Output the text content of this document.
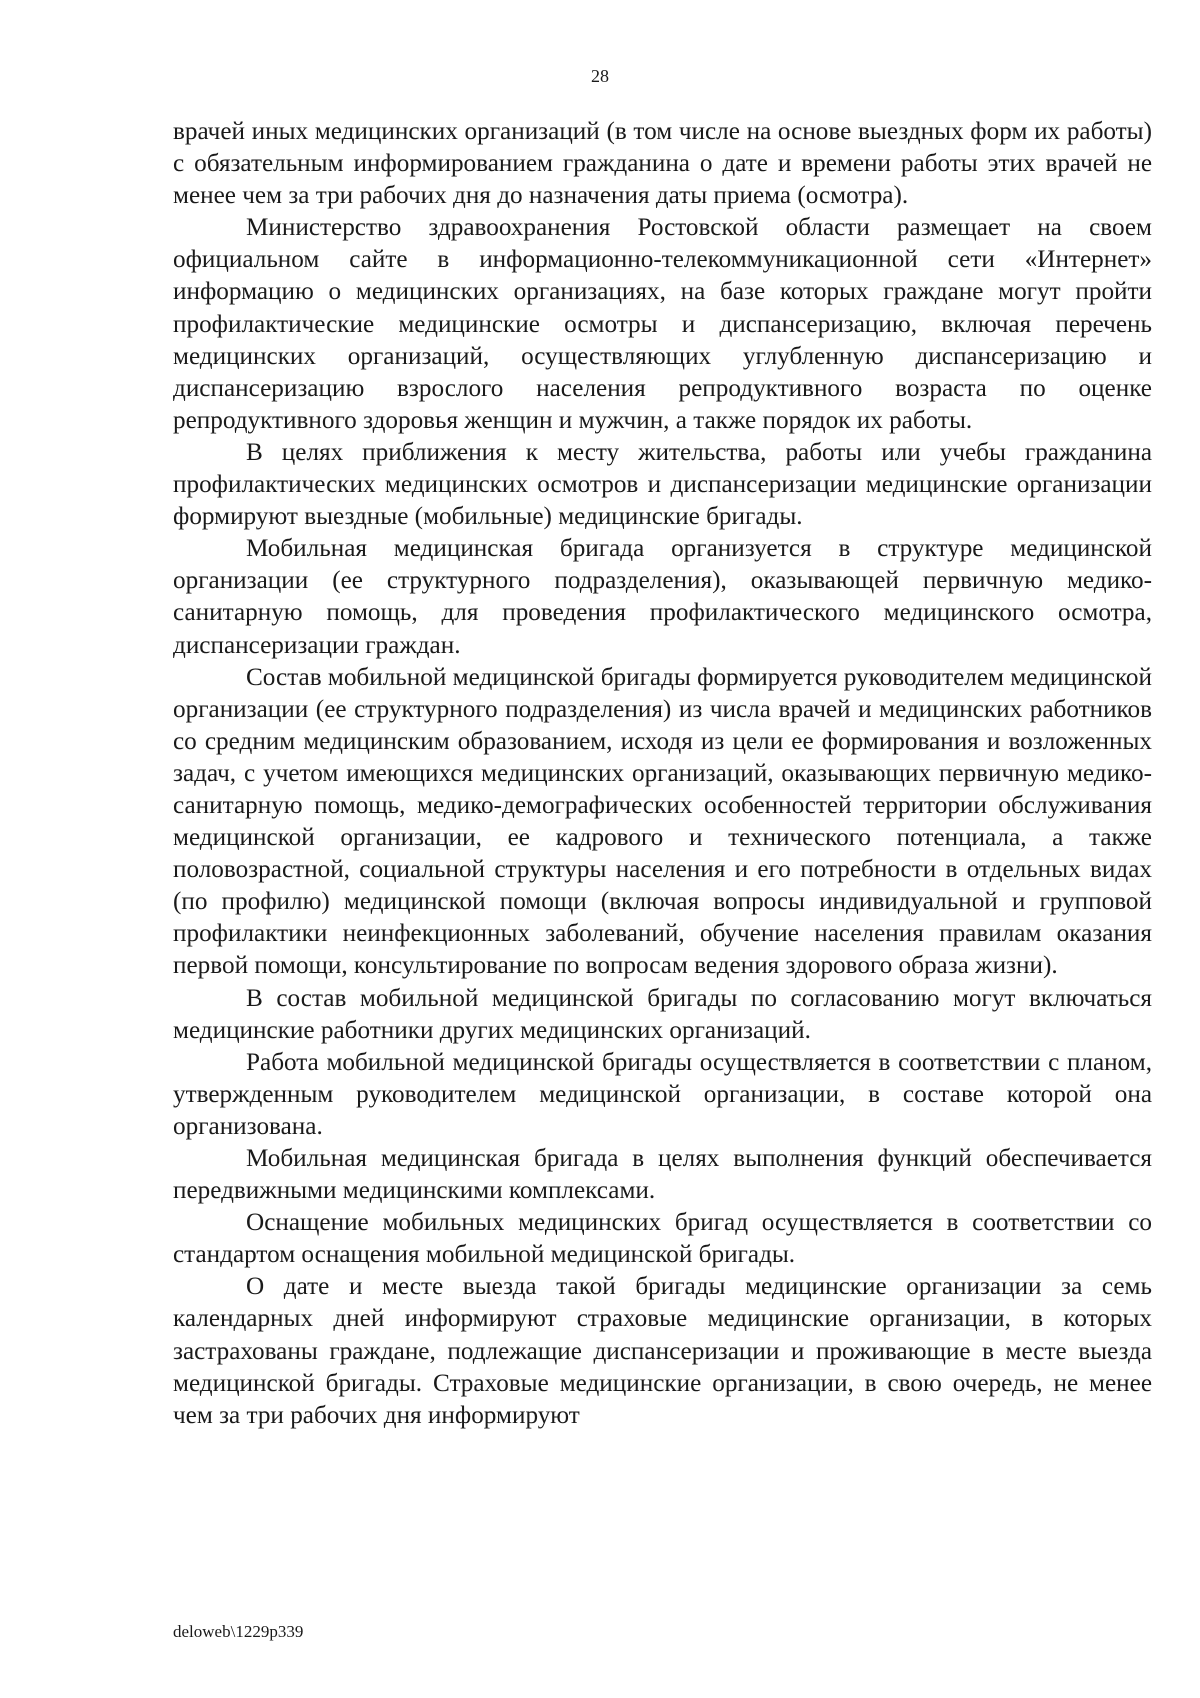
28

врачей иных медицинских организаций (в том числе на основе выездных форм их работы) с обязательным информированием гражданина о дате и времени работы этих врачей не менее чем за три рабочих дня до назначения даты приема (осмотра).

Министерство здравоохранения Ростовской области размещает на своем официальном сайте в информационно-телекоммуникационной сети «Интернет» информацию о медицинских организациях, на базе которых граждане могут пройти профилактические медицинские осмотры и диспансеризацию, включая перечень медицинских организаций, осуществляющих углубленную диспансеризацию и диспансеризацию взрослого населения репродуктивного возраста по оценке репродуктивного здоровья женщин и мужчин, а также порядок их работы.

В целях приближения к месту жительства, работы или учебы гражданина профилактических медицинских осмотров и диспансеризации медицинские организации формируют выездные (мобильные) медицинские бригады.

Мобильная медицинская бригада организуется в структуре медицинской организации (ее структурного подразделения), оказывающей первичную медико-санитарную помощь, для проведения профилактического медицинского осмотра, диспансеризации граждан.

Состав мобильной медицинской бригады формируется руководителем медицинской организации (ее структурного подразделения) из числа врачей и медицинских работников со средним медицинским образованием, исходя из цели ее формирования и возложенных задач, с учетом имеющихся медицинских организаций, оказывающих первичную медико-санитарную помощь, медико-демографических особенностей территории обслуживания медицинской организации, ее кадрового и технического потенциала, а также половозрастной, социальной структуры населения и его потребности в отдельных видах (по профилю) медицинской помощи (включая вопросы индивидуальной и групповой профилактики неинфекционных заболеваний, обучение населения правилам оказания первой помощи, консультирование по вопросам ведения здорового образа жизни).

В состав мобильной медицинской бригады по согласованию могут включаться медицинские работники других медицинских организаций.

Работа мобильной медицинской бригады осуществляется в соответствии с планом, утвержденным руководителем медицинской организации, в составе которой она организована.

Мобильная медицинская бригада в целях выполнения функций обеспечивается передвижными медицинскими комплексами.

Оснащение мобильных медицинских бригад осуществляется в соответствии со стандартом оснащения мобильной медицинской бригады.

О дате и месте выезда такой бригады медицинские организации за семь календарных дней информируют страховые медицинские организации, в которых застрахованы граждане, подлежащие диспансеризации и проживающие в месте выезда медицинской бригады. Страховые медицинские организации, в свою очередь, не менее чем за три рабочих дня информируют

deloweb\1229p339
